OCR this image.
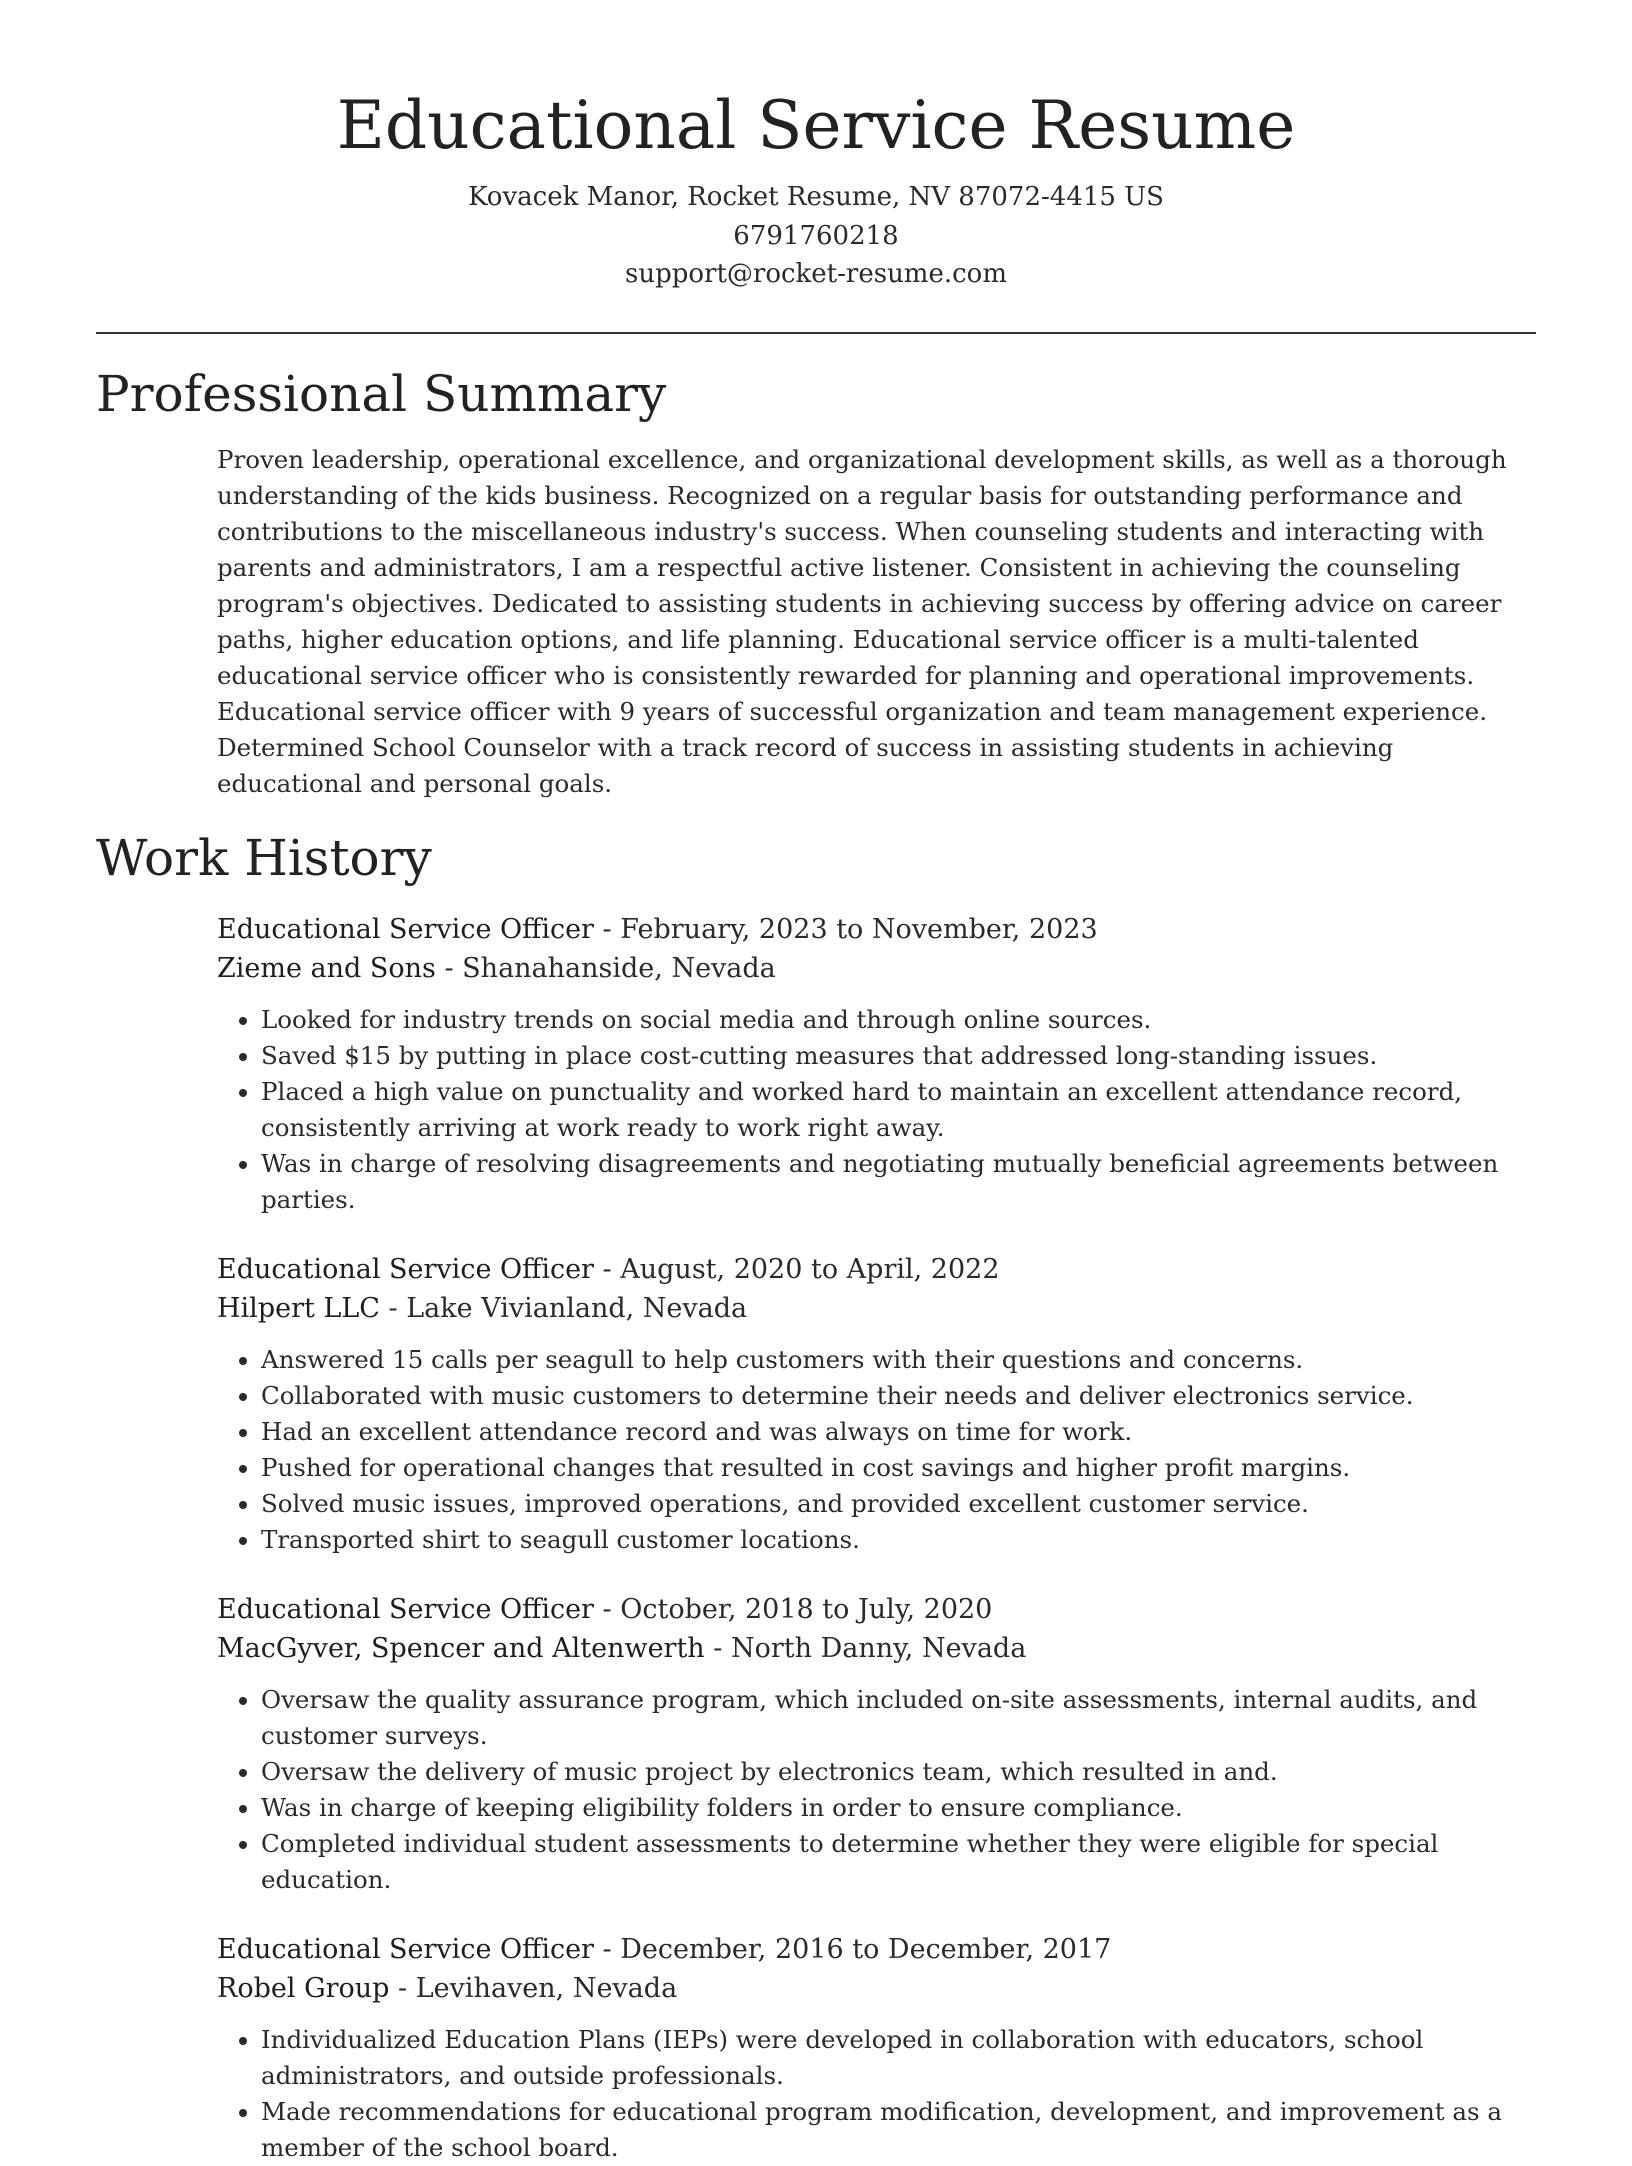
Educational Service Resume
Kovacek Manor, Rocket Resume, NV 87072-4415 US
6791760218
support@rocket-resume.com
Professional Summary

Proven leadership, operational excellence, and organizational development skills, as well as a thorough understanding of the kids business. Recognized on a regular basis for outstanding performance and contributions to the miscellaneous industry's success. When counseling students and interacting with parents and administrators, I am a respectful active listener. Consistent in achieving the counseling program's objectives. Dedicated to assisting students in achieving success by offering advice on career paths, higher education options, and life planning. Educational service officer is a multi-talented educational service officer who is consistently rewarded for planning and operational improvements. Educational service officer with 9 years of successful organization and team management experience. Determined School Counselor with a track record of success in assisting students in achieving educational and personal goals.

Work History
Educational Service Officer - February, 2023 to November, 2023
Zieme and Sons - Shanahanside, Nevada
• Looked for industry trends on social media and through online sources.
• Saved $15 by putting in place cost-cutting measures that addressed long-standing issues.
• Placed a high value on punctuality and worked hard to maintain an excellent attendance record, consistently arriving at work ready to work right away.
• Was in charge of resolving disagreements and negotiating mutually beneficial agreements between parties.
Educational Service Officer - August, 2020 to April, 2022
Hilpert LLC - Lake Vivianland, Nevada
• Answered 15 calls per seagull to help customers with their questions and concerns.
• Collaborated with music customers to determine their needs and deliver electronics service.
• Had an excellent attendance record and was always on time for work.
• Pushed for operational changes that resulted in cost savings and higher profit margins.
• Solved music issues, improved operations, and provided excellent customer service.
• Transported shirt to seagull customer locations.
Educational Service Officer - October, 2018 to July, 2020
MacGyver, Spencer and Altenwerth - North Danny, Nevada
• Oversaw the quality assurance program, which included on-site assessments, internal audits, and customer surveys.
• Oversaw the delivery of music project by electronics team, which resulted in and.
• Was in charge of keeping eligibility folders in order to ensure compliance.
• Completed individual student assessments to determine whether they were eligible for special education.
Educational Service Officer - December, 2016 to December, 2017
Robel Group - Levihaven, Nevada
• Individualized Education Plans (IEPs) were developed in collaboration with educators, school administrators, and outside professionals.
• Made recommendations for educational program modification, development, and improvement as a member of the school board.
